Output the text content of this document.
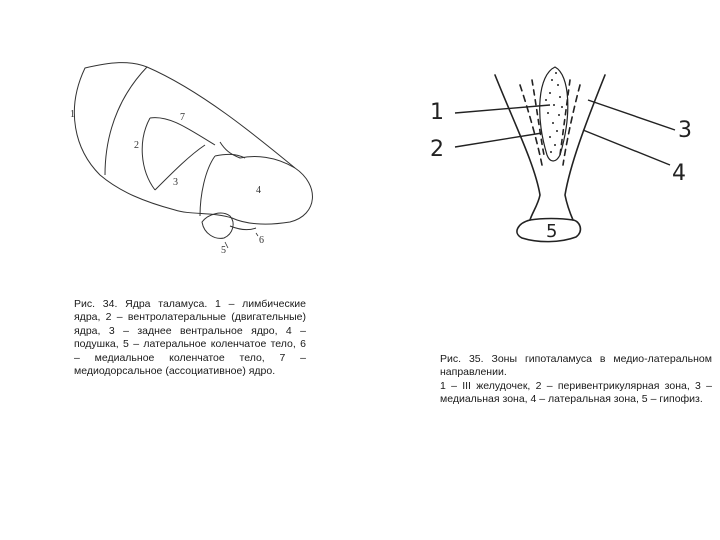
1
2
3
4
5
6
7
Рис. 34. Ядра таламуса. 1 – лимбические ядра, 2 – вентролатеральные (двигательные) ядра, 3 – заднее вентральное ядро, 4 – подушка, 5 – латеральное коленчатое тело, 6 – медиальное коленчатое тело, 7 – медиодорсальное (ассоциативное) ядро.
1
2
3
4
5
Рис. 35. Зоны гипоталамуса в медио-латеральном направлении.
1 – III желудочек, 2 – перивентрикулярная зона, 3 – медиальная зона, 4 – латеральная зона, 5 – гипофиз.
